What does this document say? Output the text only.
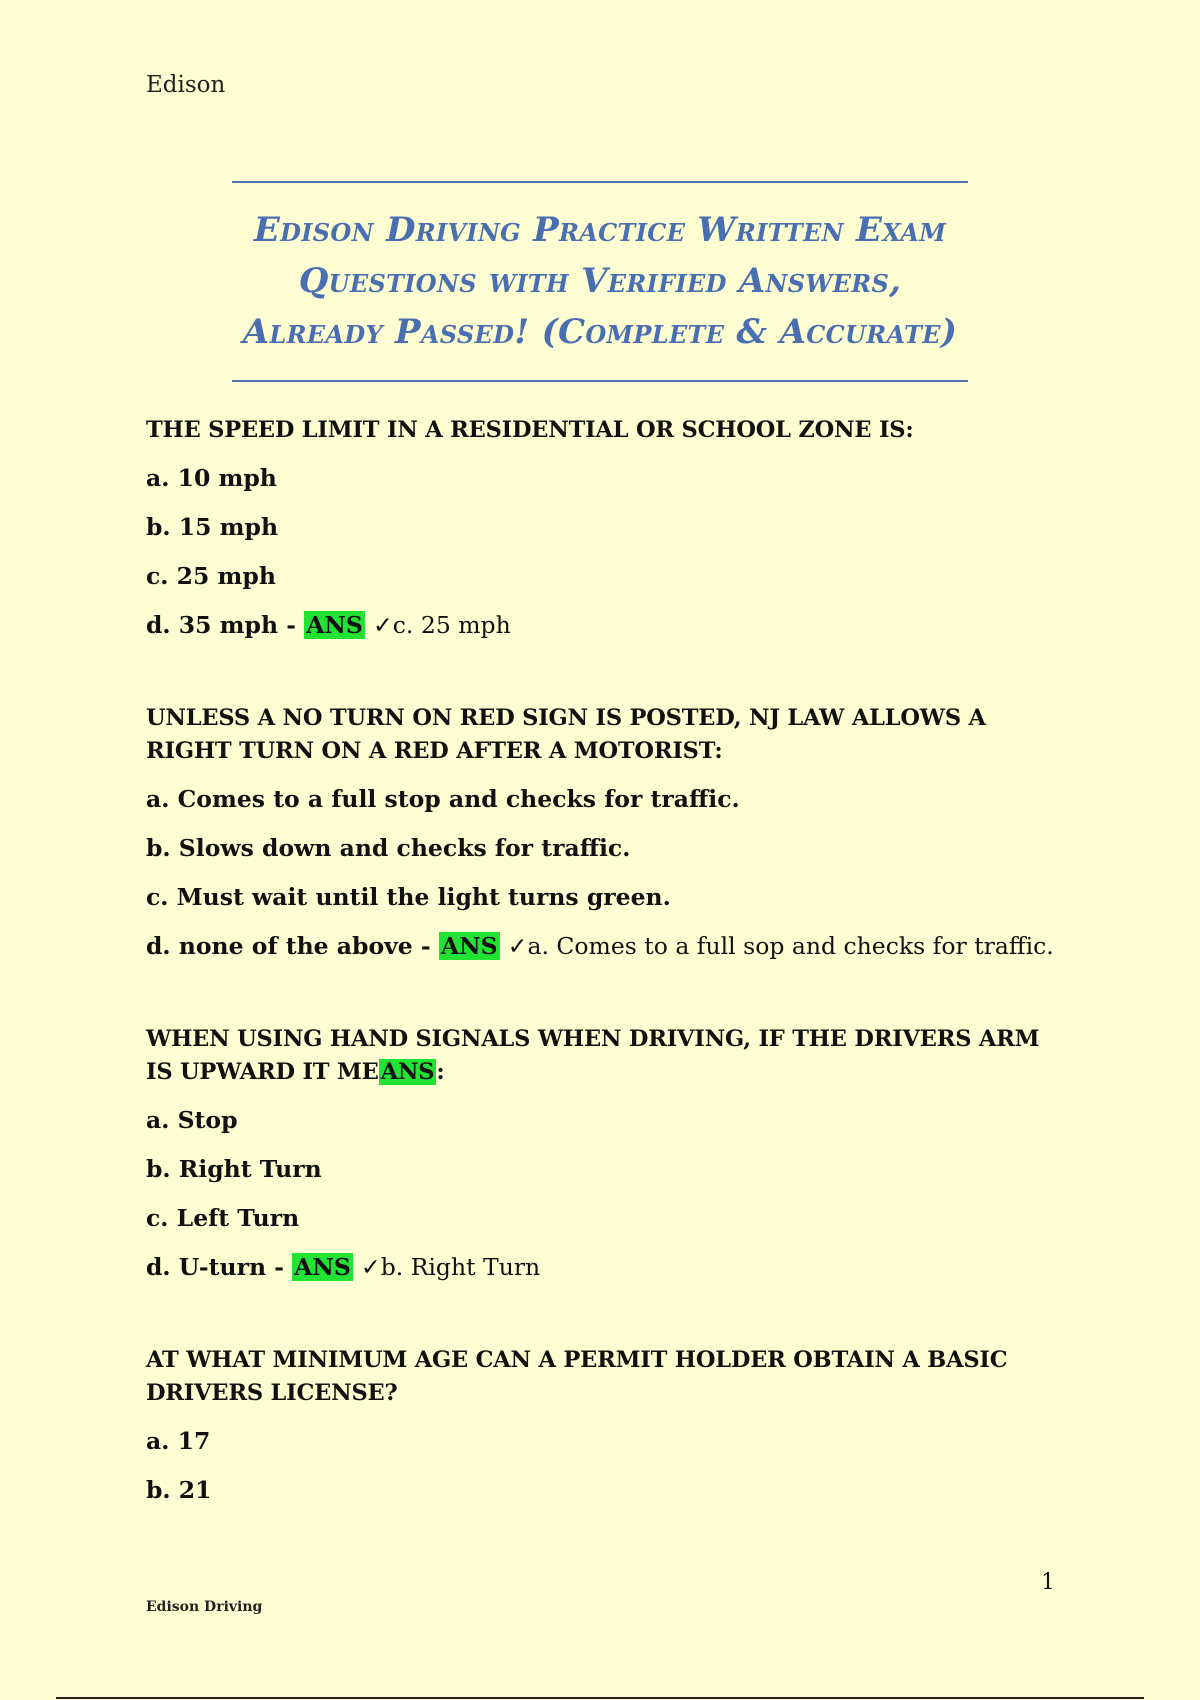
Edison
Edison Driving Practice Written Exam
Questions with Verified Answers,
Already Passed! (Complete & Accurate)
THE SPEED LIMIT IN A RESIDENTIAL OR SCHOOL ZONE IS:
a. 10 mph
b. 15 mph
c. 25 mph
d. 35 mph - ANS ✓c. 25 mph
UNLESS A NO TURN ON RED SIGN IS POSTED, NJ LAW ALLOWS A RIGHT TURN ON A RED AFTER A MOTORIST:
a. Comes to a full stop and checks for traffic.
b. Slows down and checks for traffic.
c. Must wait until the light turns green.
d. none of the above - ANS ✓a. Comes to a full sop and checks for traffic.
WHEN USING HAND SIGNALS WHEN DRIVING, IF THE DRIVERS ARM IS UPWARD IT MEANS:
a. Stop
b. Right Turn
c. Left Turn
d. U-turn - ANS ✓b. Right Turn
AT WHAT MINIMUM AGE CAN A PERMIT HOLDER OBTAIN A BASIC DRIVERS LICENSE?
a. 17
b. 21
1
Edison Driving
